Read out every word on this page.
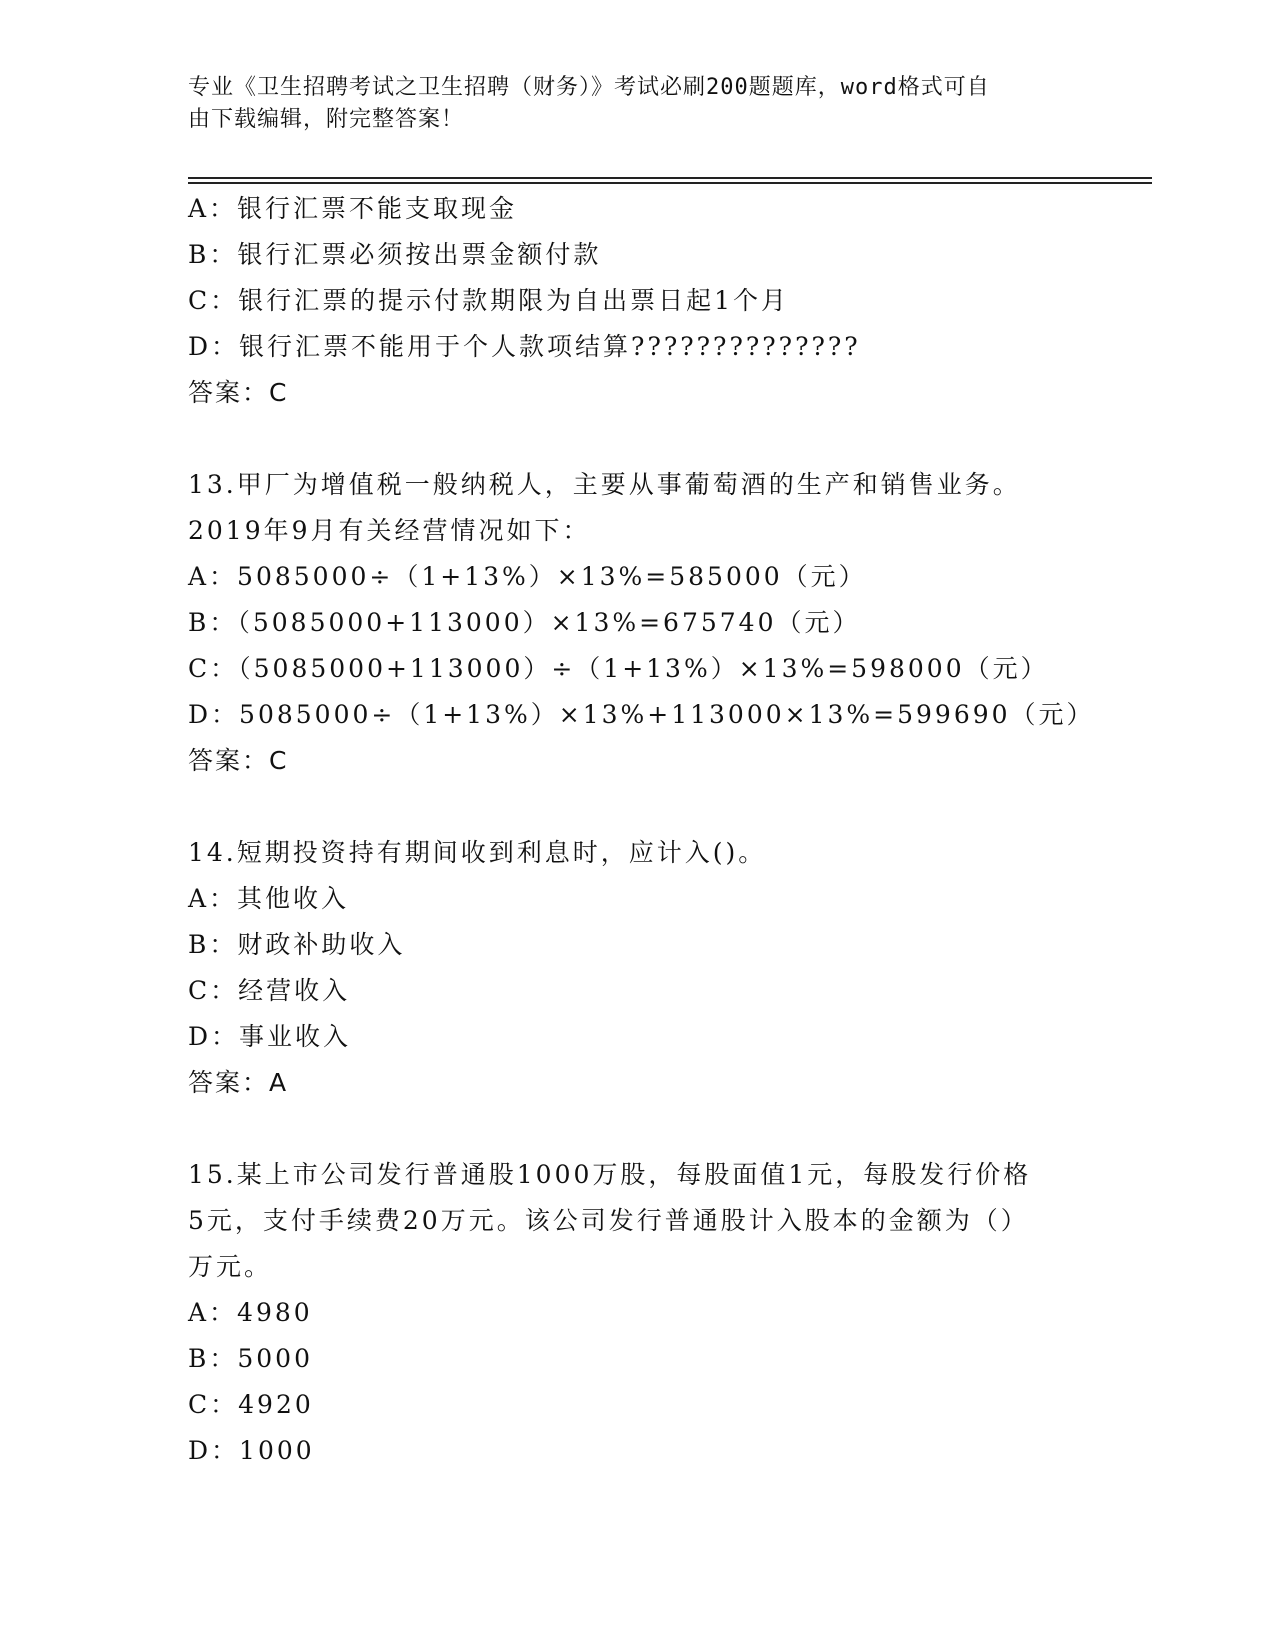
专业《卫生招聘考试之卫生招聘（财务）》考试必刷200题题库，word格式可自
由下载编辑，附完整答案！

A：银行汇票不能支取现金
B：银行汇票必须按出票金额付款
C：银行汇票的提示付款期限为自出票日起1个月
D：银行汇票不能用于个人款项结算??????????????
答案：C
13.甲厂为增值税一般纳税人，主要从事葡萄酒的生产和销售业务。
2019年9月有关经营情况如下：
A：5085000÷（1+13%）×13%=585000（元）
B：（5085000+113000）×13%=675740（元）
C：（5085000+113000）÷（1+13%）×13%=598000（元）
D：5085000÷（1+13%）×13%+113000×13%=599690（元）
答案：C
14.短期投资持有期间收到利息时，应计入()。
A：其他收入
B：财政补助收入
C：经营收入
D：事业收入
答案：A
15.某上市公司发行普通股1000万股，每股面值1元，每股发行价格
5元，支付手续费20万元。该公司发行普通股计入股本的金额为（）
万元。
A：4980
B：5000
C：4920
D：1000
